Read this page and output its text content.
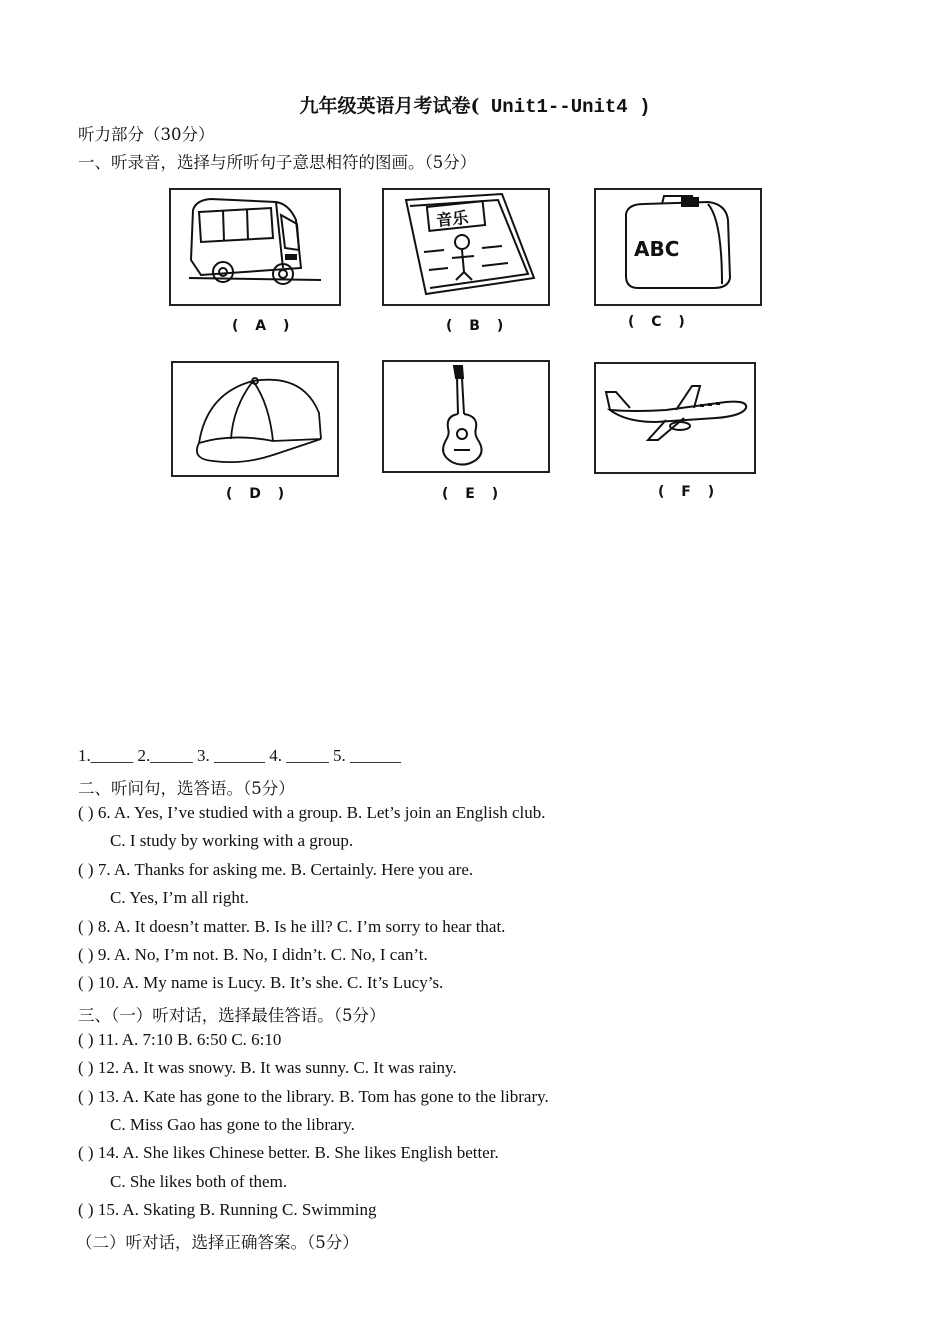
九年级英语月考试卷( Unit1--Unit4 )
听力部分（30分）
一、听录音，选择与所听句子意思相符的图画。（5分）
( A )
音乐
( B )
ABC
( C )
( D )	( E )	( F )
1._____ 2._____ 3. ______ 4. _____ 5. ______
二、听问句，选答语。（5分）
( ) 6. A. Yes, I’ve studied with a group. B. Let’s join an English club.
C. I study by working with a group.
( ) 7. A. Thanks for asking me. B. Certainly. Here you are.
C. Yes, I’m all right.
( ) 8. A. It doesn’t matter. B. Is he ill? C. I’m sorry to hear that.
( ) 9. A. No, I’m not. B. No, I didn’t. C. No, I can’t.
( ) 10. A. My name is Lucy. B. It’s she. C. It’s Lucy’s.
三、（一）听对话，选择最佳答语。（5分）
( ) 11. A. 7:10 B. 6:50 C. 6:10
( ) 12. A. It was snowy. B. It was sunny. C. It was rainy.
( ) 13. A. Kate has gone to the library. B. Tom has gone to the library.
C. Miss Gao has gone to the library.
( ) 14. A. She likes Chinese better. B. She likes English better.
C. She likes both of them.
( ) 15. A. Skating B. Running C. Swimming
（二）听对话，选择正确答案。（5分）
